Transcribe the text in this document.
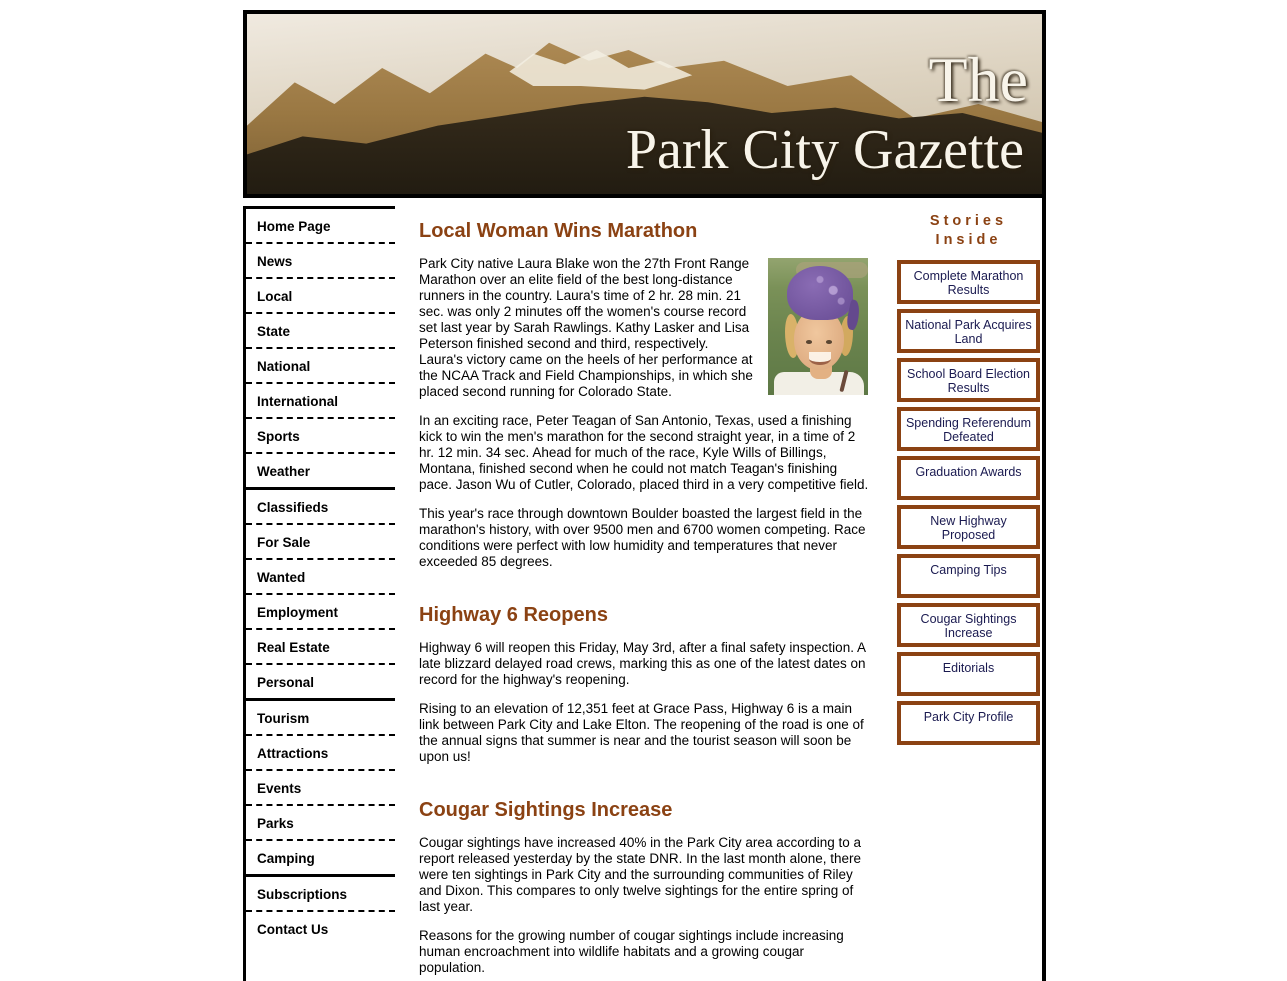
The
Park City Gazette
Home Page
News
Local
State
National
International
Sports
Weather
Classifieds
For Sale
Wanted
Employment
Real Estate
Personal
Tourism
Attractions
Events
Parks
Camping
Subscriptions
Contact Us
Local Woman Wins Marathon

Park City native Laura Blake won the 27th Front Range Marathon over an elite field of the best long-distance runners in the country. Laura's time of 2 hr. 28 min. 21 sec. was only 2 minutes off the women's course record set last year by Sarah Rawlings. Kathy Lasker and Lisa Peterson finished second and third, respectively. Laura's victory came on the heels of her performance at the NCAA Track and Field Championships, in which she placed second running for Colorado State.

In an exciting race, Peter Teagan of San Antonio, Texas, used a finishing kick to win the men's marathon for the second straight year, in a time of 2 hr. 12 min. 34 sec. Ahead for much of the race, Kyle Wills of Billings, Montana, finished second when he could not match Teagan's finishing pace. Jason Wu of Cutler, Colorado, placed third in a very competitive field.

This year's race through downtown Boulder boasted the largest field in the marathon's history, with over 9500 men and 6700 women competing. Race conditions were perfect with low humidity and temperatures that never exceeded 85 degrees.

Highway 6 Reopens

Highway 6 will reopen this Friday, May 3rd, after a final safety inspection. A late blizzard delayed road crews, marking this as one of the latest dates on record for the highway's reopening.

Rising to an elevation of 12,351 feet at Grace Pass, Highway 6 is a main link between Park City and Lake Elton. The reopening of the road is one of the annual signs that summer is near and the tourist season will soon be upon us!

Cougar Sightings Increase

Cougar sightings have increased 40% in the Park City area according to a report released yesterday by the state DNR. In the last month alone, there were ten sightings in Park City and the surrounding communities of Riley and Dixon. This compares to only twelve sightings for the entire spring of last year.

Reasons for the growing number of cougar sightings include increasing human encroachment into wildlife habitats and a growing cougar population.

Stories Inside
Complete Marathon Results
National Park Acquires Land
School Board Election Results
Spending Referendum Defeated
Graduation Awards
New Highway Proposed
Camping Tips
Cougar Sightings Increase
Editorials
Park City Profile
